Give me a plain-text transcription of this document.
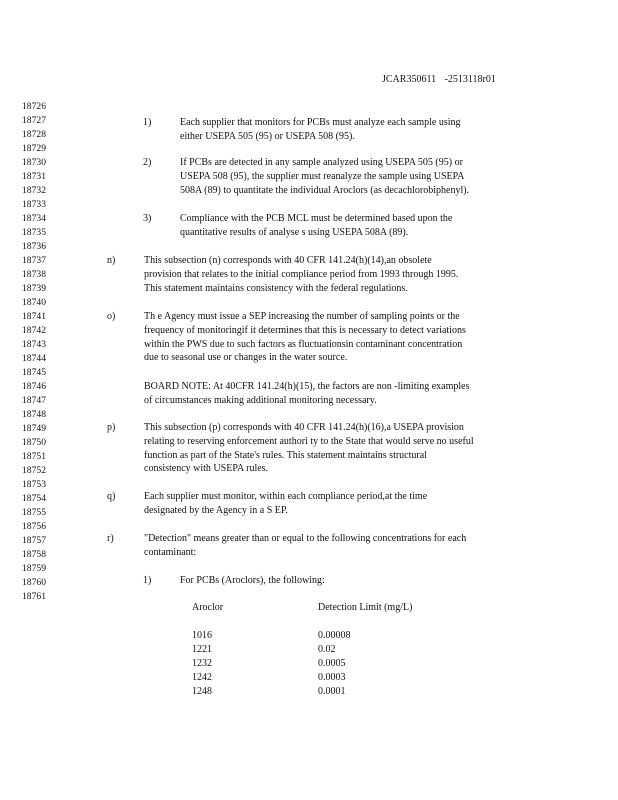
JCAR350611 -2513118r01
18726
18727
18728
18729
18730
18731
18732
18733
18734
18735
18736
18737
18738
18739
18740
18741
18742
18743
18744
18745
18746
18747
18748
18749
18750
18751
18752
18753
18754
18755
18756
18757
18758
18759
18760
18761
1)	Each supplier that monitors for PCBs must analyze each sample using
either USEPA 505 (95) or USEPA 508 (95).
2)	If PCBs are detected in any sample analyzed using USEPA 505 (95) or
USEPA 508 (95), the supplier must reanalyze the sample using USEPA
508A (89) to quantitate the individual Aroclors (as decachlorobiphenyl).
3)	Compliance with the PCB MCL must be determined based upon the
quantitative results of analyse s using USEPA 508A (89).
n)	This subsection (n) corresponds with 40 CFR 141.24(h)(14),an obsolete
provision that relates to the initial compliance period from 1993 through 1995.
This statement maintains consistency with the federal regulations.
o)	Th e Agency must issue a SEP increasing the number of sampling points or the
frequency of monitoringif it determines that this is necessary to detect variations
within the PWS due to such factors as fluctuationsin contaminant concentration
due to seasonal use or changes in the water source.
BOARD NOTE: At 40CFR 141.24(h)(15), the factors are non -limiting examples
of circumstances making additional monitoring necessary.
p)	This subsection (p) corresponds with 40 CFR 141.24(h)(16),a USEPA provision
relating to reserving enforcement authori ty to the State that would serve no useful
function as part of the State's rules. This statement maintains structural
consistency with USEPA rules.
q)	Each supplier must monitor, within each compliance period,at the time
designated by the Agency in a S EP.
r)	"Detection" means greater than or equal to the following concentrations for each
contaminant:
1)	For PCBs (Aroclors), the following:
Aroclor	Detection Limit (mg/L)
1016	0.00008
1221	0.02
1232	0.0005
1242	0.0003
1248	0.0001
